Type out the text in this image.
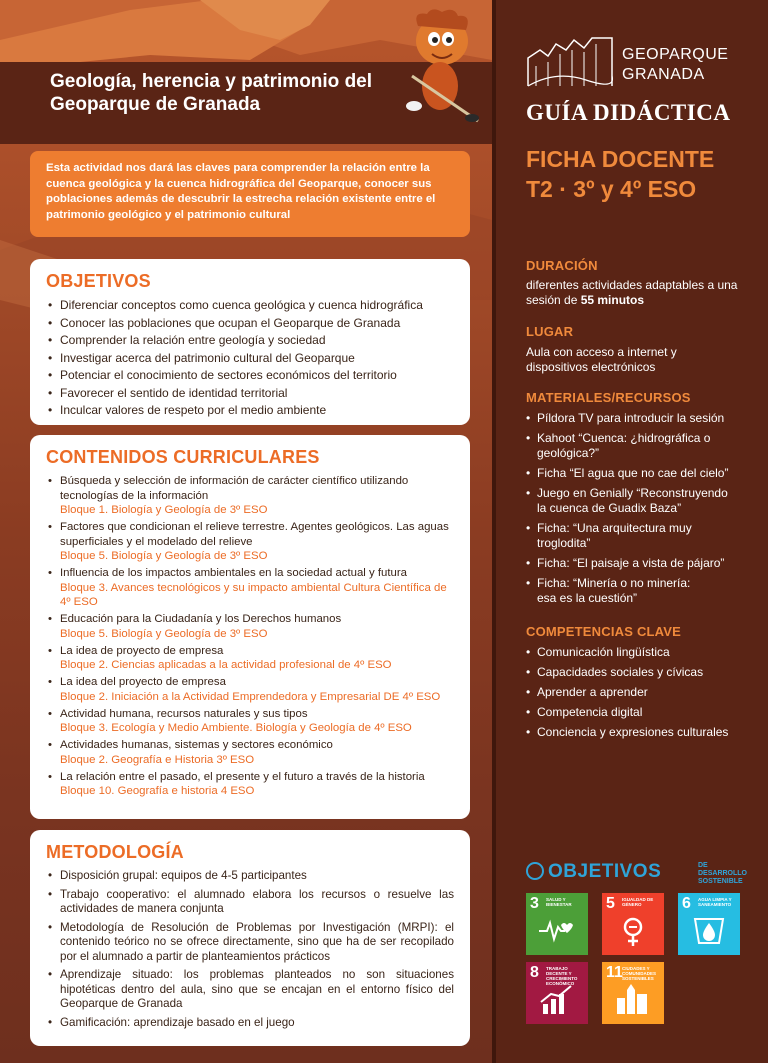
Geología, herencia y patrimonio del Geoparque de Granada
Esta actividad nos dará las claves para comprender la relación entre la cuenca geológica y la cuenca hidrográfica del Geoparque, conocer sus poblaciones además de descubrir la estrecha relación existente entre el patrimonio geológico y el patrimonio cultural
OBJETIVOS
• Diferenciar conceptos como cuenca geológica y cuenca hidrográfica
• Conocer las poblaciones que ocupan el Geoparque de Granada
• Comprender la relación entre geología y sociedad
• Investigar acerca del patrimonio cultural del Geoparque
• Potenciar el conocimiento de sectores económicos del territorio
• Favorecer el sentido de identidad territorial
• Inculcar valores de respeto por el medio ambiente
CONTENIDOS CURRICULARES
• Búsqueda y selección de información de carácter científico utilizando tecnologías de la información
Bloque 1. Biología y Geología de 3º ESO
• Factores que condicionan el relieve terrestre. Agentes geológicos. Las aguas superficiales y el modelado del relieve
Bloque 5. Biología y Geología de 3º ESO
• Influencia de los impactos ambientales en la sociedad actual y futura
Bloque 3. Avances tecnológicos y su impacto ambiental Cultura Científica de 4º ESO
• Educación para la Ciudadanía y los Derechos humanos
Bloque 5. Biología y Geología de 3º ESO
• La idea de proyecto de empresa
Bloque 2. Ciencias aplicadas a la actividad profesional de 4º ESO
• La idea del proyecto de empresa
Bloque 2. Iniciación a la Actividad Emprendedora y Empresarial DE 4º ESO
• Actividad humana, recursos naturales y sus tipos
Bloque 3. Ecología y Medio Ambiente. Biología y Geología de 4º ESO
• Actividades humanas, sistemas y sectores económico
Bloque 2. Geografía e Historia 3º ESO
• La relación entre el pasado, el presente y el futuro a través de la historia
Bloque 10. Geografía e historia 4 ESO
METODOLOGÍA
• Disposición grupal: equipos de 4-5 participantes
• Trabajo cooperativo: el alumnado elabora los recursos o resuelve las actividades de manera conjunta
• Metodología de Resolución de Problemas por Investigación (MRPI): el contenido teórico no se ofrece directamente, sino que ha de ser recopilado por el alumnado a partir de planteamientos prácticos
• Aprendizaje situado: los problemas planteados no son situaciones hipotéticas dentro del aula, sino que se encajan en el entorno físico del Geoparque de Granada
• Gamificación: aprendizaje basado en el juego
GEOPARQUE
GRANADA
GUÍA DIDÁCTICA
FICHA DOCENTE
T2 · 3º y 4º ESO
DURACIÓN
diferentes actividades adaptables a una sesión de 55 minutos
LUGAR
Aula con acceso a internet y dispositivos electrónicos
MATERIALES/RECURSOS
• Píldora TV para introducir la sesión
• Kahoot “Cuenca: ¿hidrográfica o geológica?”
• Ficha “El agua que no cae del cielo”
• Juego en Genially “Reconstruyendo la cuenca de Guadix Baza”
• Ficha: “Una arquitectura muy troglodita”
• Ficha: “El paisaje a vista de pájaro”
• Ficha: “Minería o no minería: esa es la cuestión”
COMPETENCIAS CLAVE
• Comunicación lingüística
• Capacidades sociales y cívicas
• Aprender a aprender
• Competencia digital
• Conciencia y expresiones culturales
OBJETIVOS	DE DESARROLLO
SOSTENIBLE
3 SALUD Y BIENESTAR	5 IGUALDAD DE GÉNERO	6 AGUA LIMPIA Y SANEAMIENTO
8 TRABAJO DECENTE Y CRECIMIENTO ECONÓMICO
11 CIUDADES Y COMUNIDADES SOSTENIBLES
